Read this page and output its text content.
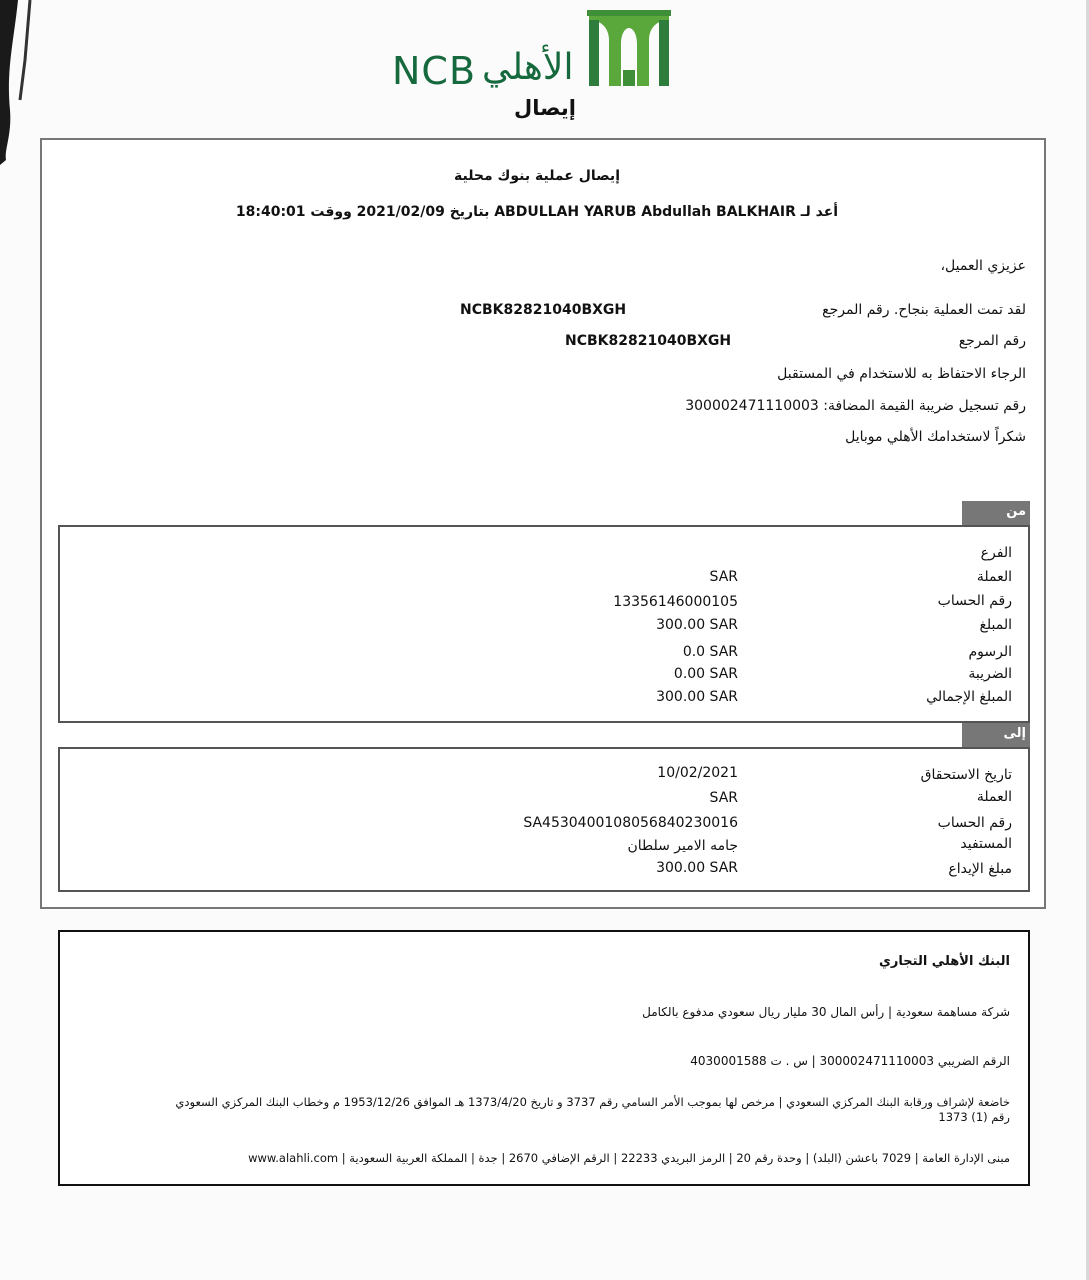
NCB الأهلي
إيصال
إيصال عملية بنوك محلية
أعد لـ ABDULLAH YARUB Abdullah BALKHAIR بتاريخ 2021/02/09 ووقت 18:40:01
عزيزي العميل،
لقد تمت العملية بنجاح. رقم المرجع
NCBK82821040BXGH
رقم المرجع
NCBK82821040BXGH
الرجاء الاحتفاظ به للاستخدام في المستقبل
رقم تسجيل ضريبة القيمة المضافة: 300002471110003
شكراً لاستخدامك الأهلي موبايل
من
الفرع
العملة
SAR
رقم الحساب
13356146000105
المبلغ
300.00 SAR
الرسوم
0.0 SAR
الضريبة
0.00 SAR
المبلغ الإجمالي
300.00 SAR
إلى
تاريخ الاستحقاق
10/02/2021
العملة
SAR
رقم الحساب
SA4530400108056840230016
المستفيد
جامه الامير سلطان
مبلغ الإيداع
300.00 SAR
البنك الأهلي التجاري
شركة مساهمة سعودية | رأس المال 30 مليار ريال سعودي مدفوع بالكامل
الرقم الضريبي 300002471110003 | س . ت 4030001588
خاضعة لإشراف ورقابة البنك المركزي السعودي | مرخص لها بموجب الأمر السامي رقم 3737 و تاريخ 1373/4/20 هـ الموافق 1953/12/26 م وخطاب البنك المركزي السعودي
رقم (1) 1373
مبنى الإدارة العامة | 7029 باعشن (البلد) | وحدة رقم 20 | الرمز البريدي 22233 | الرقم الإضافي 2670 | جدة | المملكة العربية السعودية | www.alahli.com
